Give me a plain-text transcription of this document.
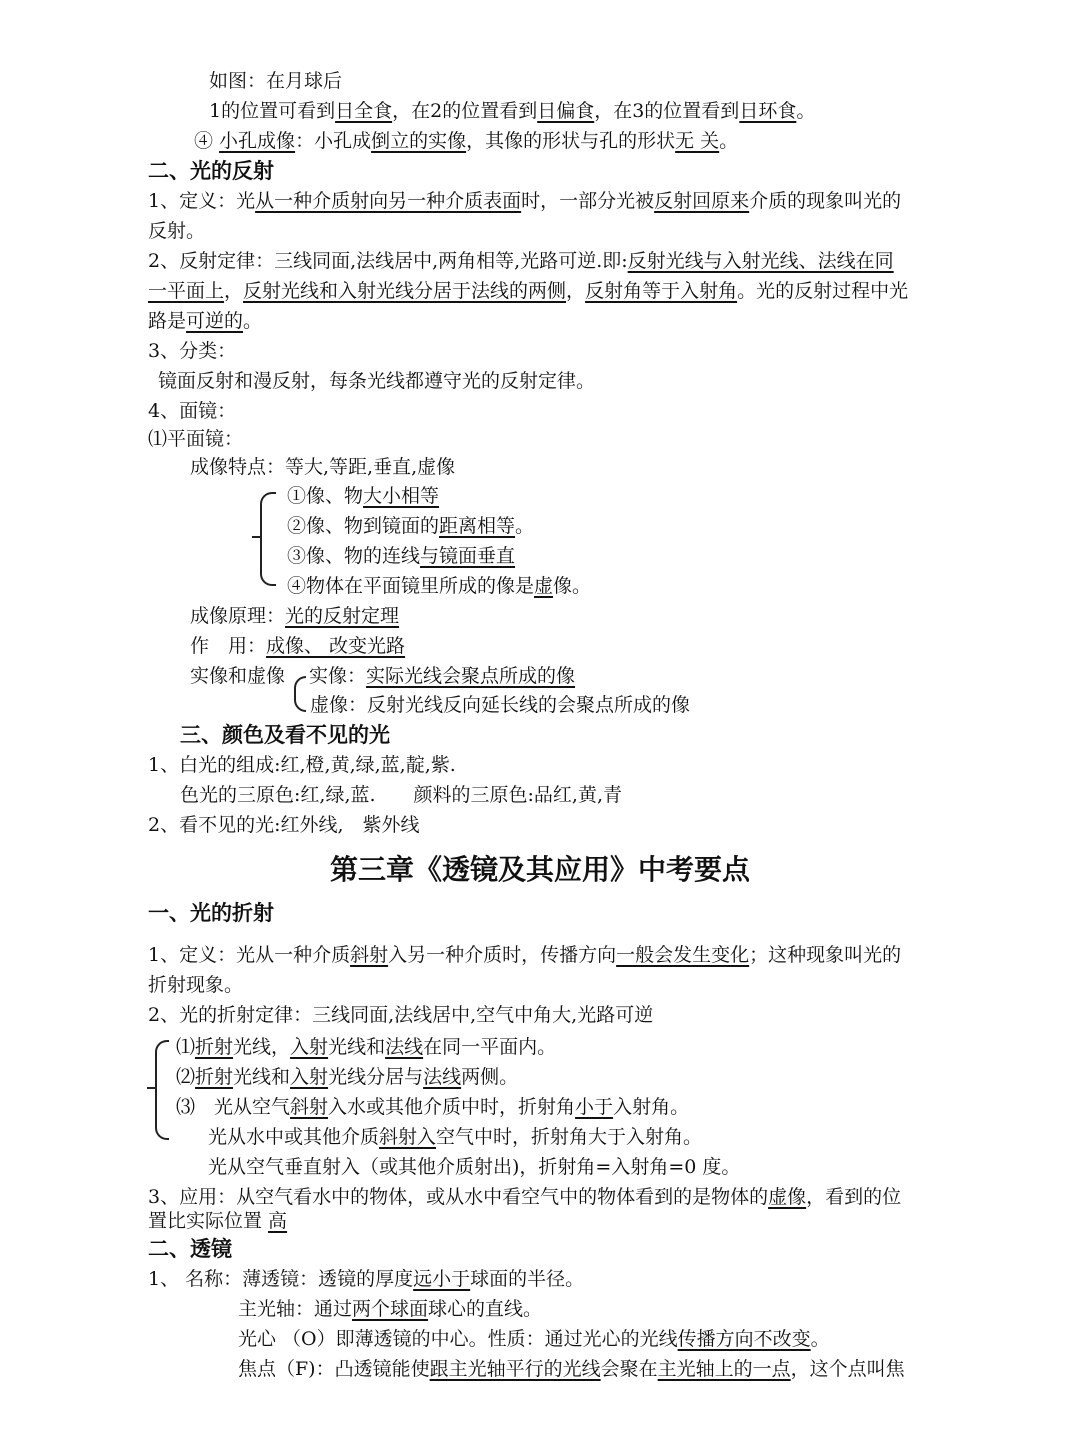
如图：在月球后
1的位置可看到日全食，在2的位置看到日偏食，在3的位置看到日环食。
④ 小孔成像：小孔成倒立的实像，其像的形状与孔的形状无 关。
二、光的反射
1、定义：光从一种介质射向另一种介质表面时，一部分光被反射回原来介质的现象叫光的
反射。
2、反射定律：三线同面,法线居中,两角相等,光路可逆.即:反射光线与入射光线、法线在同
一平面上，反射光线和入射光线分居于法线的两侧，反射角等于入射角。光的反射过程中光
路是可逆的。
3、分类：
镜面反射和漫反射，每条光线都遵守光的反射定律。
4、面镜：
⑴平面镜：
成像特点：等大,等距,垂直,虚像
①像、物大小相等
②像、物到镜面的距离相等。
③像、物的连线与镜面垂直
④物体在平面镜里所成的像是虚像。
成像原理：光的反射定理
作　用：成像、 改变光路
实像和虚像 实像：实际光线会聚点所成的像
虚像：反射光线反向延长线的会聚点所成的像
三、颜色及看不见的光
1、白光的组成:红,橙,黄,绿,蓝,靛,紫.
色光的三原色:红,绿,蓝.　　颜料的三原色:品红,黄,青
2、看不见的光:红外线,　紫外线
第三章《透镜及其应用》中考要点
一、光的折射
1、定义：光从一种介质斜射入另一种介质时，传播方向一般会发生变化；这种现象叫光的
折射现象。
2、光的折射定律：三线同面,法线居中,空气中角大,光路可逆
⑴折射光线，入射光线和法线在同一平面内。
⑵折射光线和入射光线分居与法线两侧。
⑶　光从空气斜射入水或其他介质中时，折射角小于入射角。
光从水中或其他介质斜射入空气中时，折射角大于入射角。
光从空气垂直射入（或其他介质射出)，折射角=入射角=0 度。
3、应用：从空气看水中的物体，或从水中看空气中的物体看到的是物体的虚像，看到的位
置比实际位置 高
二、透镜
1、 名称：薄透镜：透镜的厚度远小于球面的半径。
主光轴：通过两个球面球心的直线。
光心 （O）即薄透镜的中心。性质：通过光心的光线传播方向不改变。
焦点（F)：凸透镜能使跟主光轴平行的光线会聚在主光轴上的一点，这个点叫焦
